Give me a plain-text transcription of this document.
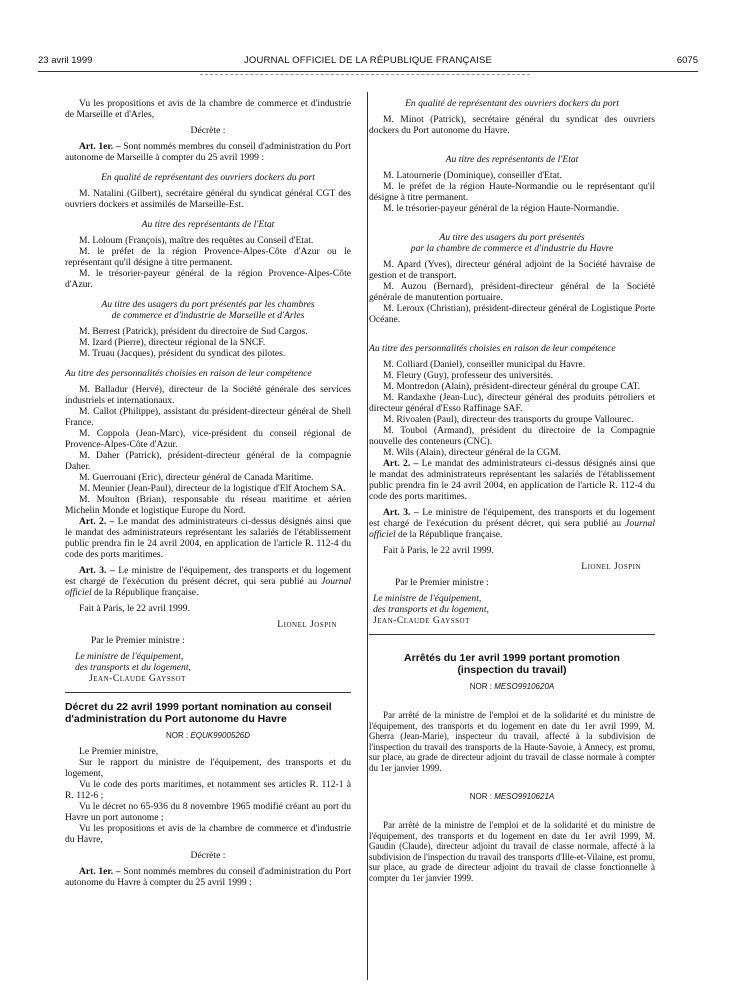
23 avril 1999	JOURNAL OFFICIEL DE LA RÉPUBLIQUE FRANÇAISE	6075

Vu les propositions et avis de la chambre de commerce et d'industrie de Marseille et d'Arles,

Décrète :

Art. 1er. – Sont nommés membres du conseil d'administration du Port autonome de Marseille à compter du 25 avril 1999 :

En qualité de représentant des ouvriers dockers du port

M. Natalini (Gilbert), secrétaire général du syndicat général CGT des ouvriers dockers et assimilés de Marseille-Est.

Au titre des représentants de l'Etat

M. Loloum (François), maître des requêtes au Conseil d'Etat.

M. le préfet de la région Provence-Alpes-Côte d'Azur ou le représentant qu'il désigne à titre permanent.

M. le trésorier-payeur général de la région Provence-Alpes-Côte d'Azur.

Au titre des usagers du port présentés par les chambres

de commerce et d'industrie de Marseille et d'Arles

M. Berrest (Patrick), président du directoire de Sud Cargos.

M. Izard (Pierre), directeur régional de la SNCF.

M. Truau (Jacques), président du syndicat des pilotes.

Au titre des personnalités choisies en raison de leur compétence

M. Balladur (Hervé), directeur de la Société générale des services industriels et internationaux.

M. Callot (Philippe), assistant du président-directeur général de Shell France.

M. Coppola (Jean-Marc), vice-président du conseil régional de Provence-Alpes-Côte d'Azur.

M. Daher (Patrick), président-directeur général de la compagnie Daher.

M. Guerrouani (Eric), directeur général de Canada Maritime.

M. Meunier (Jean-Paul), directeur de la logistique d'Elf Atochem SA.

M. Moulton (Brian), responsable du réseau maritime et aérien Michelin Monde et logistique Europe du Nord.

Art. 2. – Le mandat des administrateurs ci-dessus désignés ainsi que le mandat des administrateurs représentant les salariés de l'établissement public prendra fin le 24 avril 2004, en application de l'article R. 112-4 du code des ports maritimes.

Art. 3. – Le ministre de l'équipement, des transports et du logement est chargé de l'exécution du présent décret, qui sera publié au Journal officiel de la République française.

Fait à Paris, le 22 avril 1999.

Lionel Jospin

Par le Premier ministre :

Le ministre de l'équipement,

des transports et du logement,

Jean-Claude Gayssot

Décret du 22 avril 1999 portant nomination au conseil d'administration du Port autonome du Havre

NOR : EQUK9900526D

Le Premier ministre,

Sur le rapport du ministre de l'équipement, des transports et du logement,

Vu le code des ports maritimes, et notamment ses articles R. 112-1 à R. 112-6 ;

Vu le décret no 65-936 du 8 novembre 1965 modifié créant au port du Havre un port autonome ;

Vu les propositions et avis de la chambre de commerce et d'industrie du Havre,

Décrète :

Art. 1er. – Sont nommés membres du conseil d'administration du Port autonome du Havre à compter du 25 avril 1999 :

En qualité de représentant des ouvriers dockers du port

M. Minot (Patrick), secrétaire général du syndicat des ouvriers dockers du Port autonome du Havre.

Au titre des représentants de l'Etat

M. Latournerie (Dominique), conseiller d'Etat.

M. le préfet de la région Haute-Normandie ou le représentant qu'il désigne à titre permanent.

M. le trésorier-payeur général de la région Haute-Normandie.

Au titre des usagers du port présentés

par la chambre de commerce et d'industrie du Havre

M. Apard (Yves), directeur général adjoint de la Société havraise de gestion et de transport.

M. Auzou (Bernard), président-directeur général de la Société générale de manutention portuaire.

M. Leroux (Christian), président-directeur général de Logistique Porte Océane.

Au titre des personnalités choisies en raison de leur compétence

M. Colliard (Daniel), conseiller municipal du Havre.

M. Fleury (Guy), professeur des universités.

M. Montredon (Alain), président-directeur général du groupe CAT.

M. Randaxhe (Jean-Luc), directeur général des produits pétroliers et directeur général d'Esso Raffinage SAF.

M. Rivoalen (Paul), directeur des transports du groupe Vallourec.

M. Toubol (Armand), président du directoire de la Compagnie nouvelle des conteneurs (CNC).

M. Wils (Alain), directeur général de la CGM.

Art. 2. – Le mandat des administrateurs ci-dessus désignés ainsi que le mandat des administrateurs représentant les salariés de l'établissement public prendra fin le 24 avril 2004, en application de l'article R. 112-4 du code des ports maritimes.

Art. 3. – Le ministre de l'équipement, des transports et du logement est chargé de l'exécution du présent décret, qui sera publié au Journal officiel de la République française.

Fait à Paris, le 22 avril 1999.

Lionel Jospin

Par le Premier ministre :

Le ministre de l'équipement,

des transports et du logement,

Jean-Claude Gayssot

Arrêtés du 1er avril 1999 portant promotion

(inspection du travail)

NOR : MESO9910620A

Par arrêté de la ministre de l'emploi et de la solidarité et du ministre de l'équipement, des transports et du logement en date du 1er avril 1999, M. Gherra (Jean-Marie), inspecteur du travail, affecté à la subdivision de l'inspection du travail des transports de la Haute-Savoie, à Annecy, est promu, sur place, au grade de directeur adjoint du travail de classe normale à compter du 1er janvier 1999.

NOR : MESO9910621A

Par arrêté de la ministre de l'emploi et de la solidarité et du ministre de l'équipement, des transports et du logement en date du 1er avril 1999, M. Gaudin (Claude), directeur adjoint du travail de classe normale, affecté à la subdivision de l'inspection du travail des transports d'Ille-et-Vilaine, est promu, sur place, au grade de directeur adjoint du travail de classe fonctionnelle à compter du 1er janvier 1999.
